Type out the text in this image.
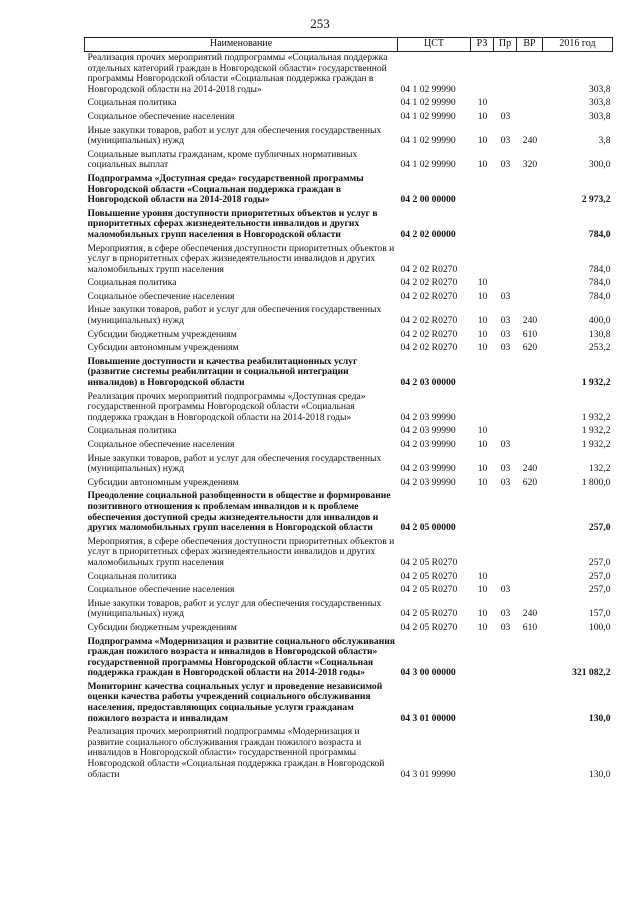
253
Наименование	ЦСТ	РЗ	Пр	ВР	2016 год
Реализация прочих мероприятий подпрограммы «Социальная поддержка отдельных категорий граждан в Новгородской области» государственной программы Новгородской области «Социальная поддержка граждан в Новгородской области на 2014-2018 годы»	04 1 02 99990				303,8
Социальная политика	04 1 02 99990	10			303,8
Социальное обеспечение населения	04 1 02 99990	10	03		303,8
Иные закупки товаров, работ и услуг для обеспечения государственных (муниципальных) нужд	04 1 02 99990	10	03	240	3,8
Социальные выплаты гражданам, кроме публичных нормативных социальных выплат	04 1 02 99990	10	03	320	300,0
Подпрограмма «Доступная среда» государственной программы Новгородской области «Социальная поддержка граждан в Новгородской области на 2014-2018 годы»	04 2 00 00000				2 973,2
Повышение уровня доступности приоритетных объектов и услуг в приоритетных сферах жизнедеятельности инвалидов и других маломобильных групп населения в Новгородской области	04 2 02 00000				784,0
Мероприятия, в сфере обеспечения доступности приоритетных объектов и услуг в приоритетных сферах жизнедеятельности инвалидов и других маломобильных групп населения	04 2 02 R0270				784,0
Социальная политика	04 2 02 R0270	10			784,0
Социальное обеспечение населения	04 2 02 R0270	10	03		784,0
Иные закупки товаров, работ и услуг для обеспечения государственных (муниципальных) нужд	04 2 02 R0270	10	03	240	400,0
Субсидии бюджетным учреждениям	04 2 02 R0270	10	03	610	130,8
Субсидии автономным учреждениям	04 2 02 R0270	10	03	620	253,2
Повышение доступности и качества реабилитационных услуг (развитие системы реабилитации и социальной интеграции инвалидов) в Новгородской области	04 2 03 00000				1 932,2
Реализация прочих мероприятий подпрограммы «Доступная среда» государственной программы Новгородской области «Социальная поддержка граждан в Новгородской области на 2014-2018 годы»	04 2 03 99990				1 932,2
Социальная политика	04 2 03 99990	10			1 932,2
Социальное обеспечение населения	04 2 03 99990	10	03		1 932,2
Иные закупки товаров, работ и услуг для обеспечения государственных (муниципальных) нужд	04 2 03 99990	10	03	240	132,2
Субсидии автономным учреждениям	04 2 03 99990	10	03	620	1 800,0
Преодоление социальной разобщенности в обществе и формирование позитивного отношения к проблемам инвалидов и к проблеме обеспечения доступной среды жизнедеятельности для инвалидов и других маломобильных групп населения в Новгородской области	04 2 05 00000				257,0
Мероприятия, в сфере обеспечения доступности приоритетных объектов и услуг в приоритетных сферах жизнедеятельности инвалидов и других маломобильных групп населения	04 2 05 R0270				257,0
Социальная политика	04 2 05 R0270	10			257,0
Социальное обеспечение населения	04 2 05 R0270	10	03		257,0
Иные закупки товаров, работ и услуг для обеспечения государственных (муниципальных) нужд	04 2 05 R0270	10	03	240	157,0
Субсидии бюджетным учреждениям	04 2 05 R0270	10	03	610	100,0
Подпрограмма «Модернизация и развитие социального обслуживания граждан пожилого возраста и инвалидов в Новгородской области» государственной программы Новгородской области «Социальная поддержка граждан в Новгородской области на 2014-2018 годы»	04 3 00 00000				321 082,2
Мониторинг качества социальных услуг и проведение независимой оценки качества работы учреждений социального обслуживания населения, предоставляющих социальные услуги гражданам пожилого возраста и инвалидам	04 3 01 00000				130,0
Реализация прочих мероприятий подпрограммы «Модернизация и развитие социального обслуживания граждан пожилого возраста и инвалидов в Новгородской области» государственной программы Новгородской области «Социальная поддержка граждан в Новгородской области	04 3 01 99990				130,0
